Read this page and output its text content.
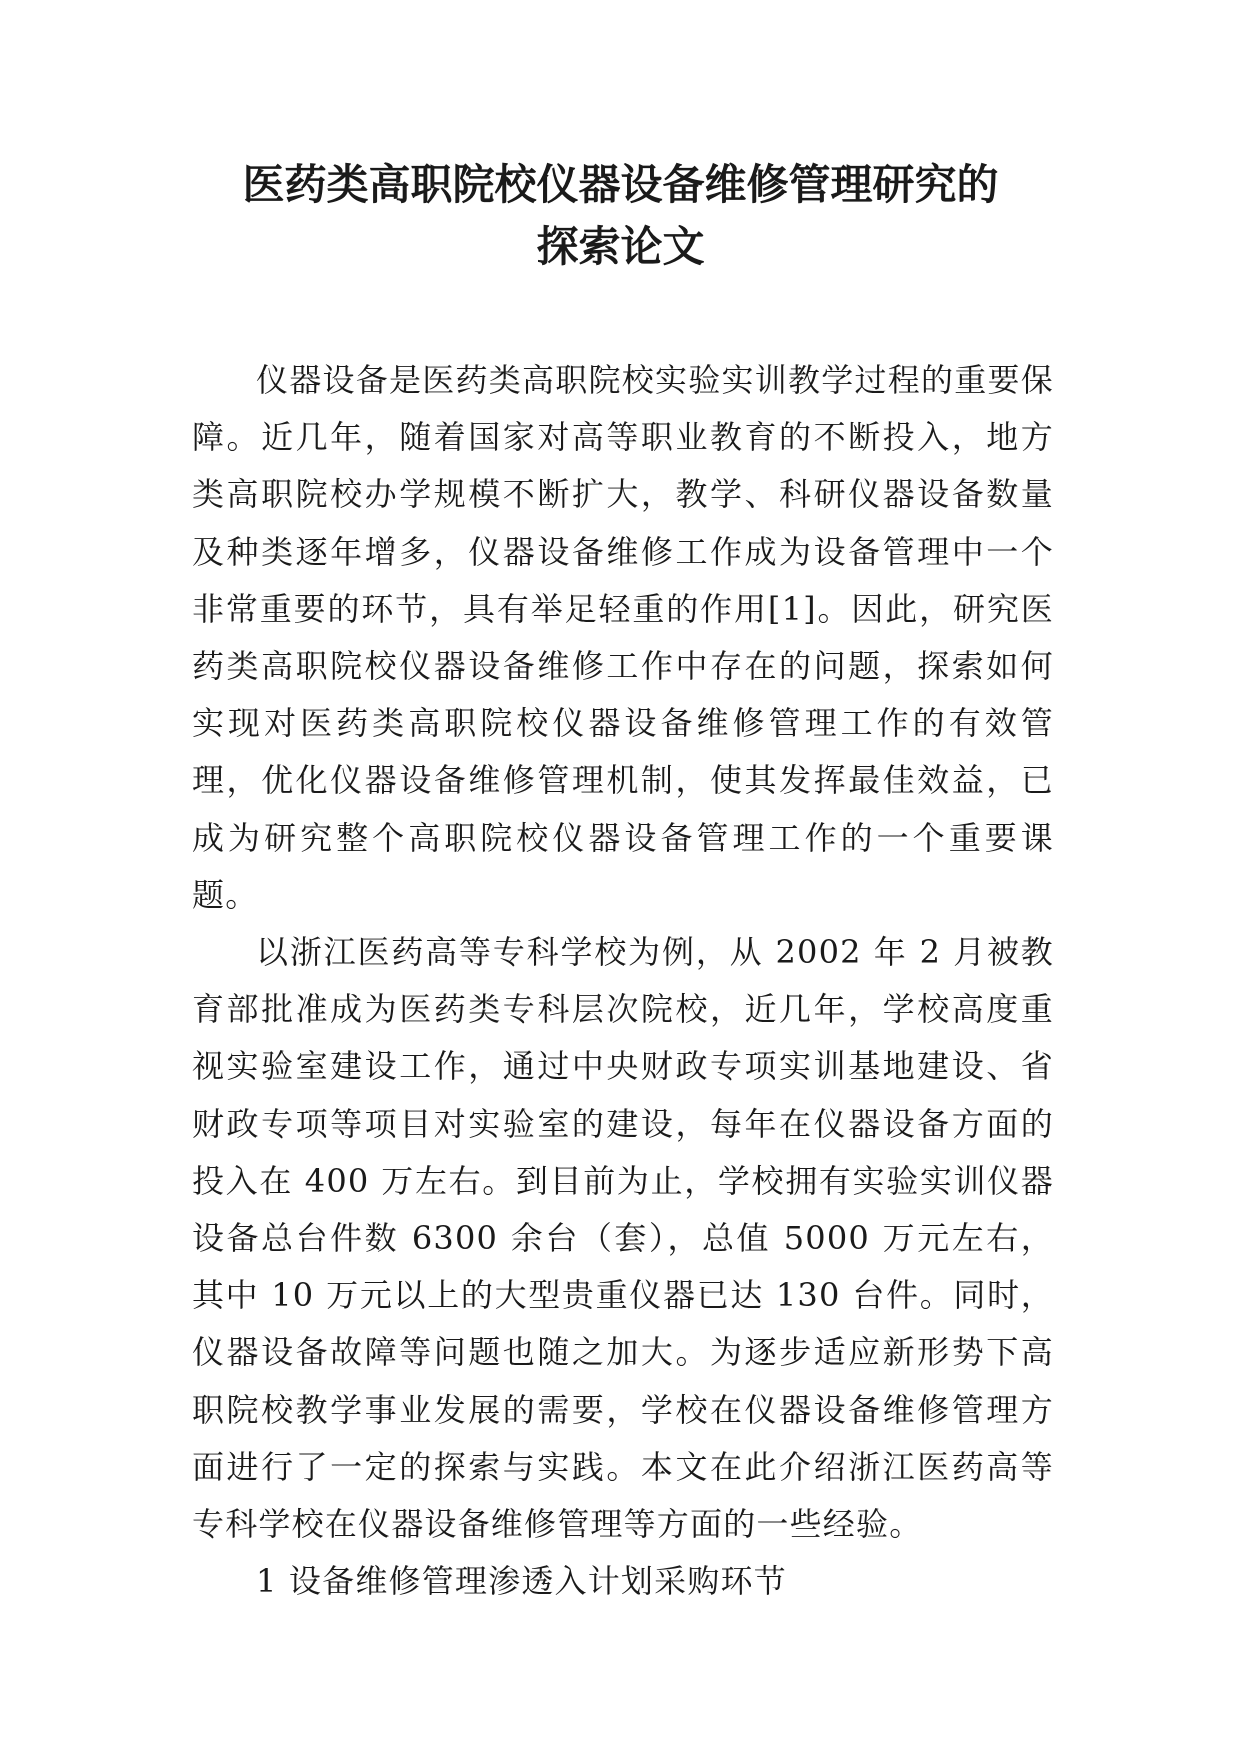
医药类高职院校仪器设备维修管理研究的
探索论文

仪器设备是医药类高职院校实验实训教学过程的重要保障。近几年，随着国家对高等职业教育的不断投入，地方类高职院校办学规模不断扩大，教学、科研仪器设备数量及种类逐年增多，仪器设备维修工作成为设备管理中一个非常重要的环节，具有举足轻重的作用[1]。因此，研究医药类高职院校仪器设备维修工作中存在的问题，探索如何实现对医药类高职院校仪器设备维修管理工作的有效管理，优化仪器设备维修管理机制，使其发挥最佳效益，已成为研究整个高职院校仪器设备管理工作的一个重要课题。

以浙江医药高等专科学校为例，从 2002 年 2 月被教育部批准成为医药类专科层次院校，近几年，学校高度重视实验室建设工作，通过中央财政专项实训基地建设、省财政专项等项目对实验室的建设，每年在仪器设备方面的投入在 400 万左右。到目前为止，学校拥有实验实训仪器设备总台件数 6300 余台（套），总值 5000 万元左右，其中 10 万元以上的大型贵重仪器已达 130 台件。同时，仪器设备故障等问题也随之加大。为逐步适应新形势下高职院校教学事业发展的需要，学校在仪器设备维修管理方面进行了一定的探索与实践。本文在此介绍浙江医药高等专科学校在仪器设备维修管理等方面的一些经验。

1 设备维修管理渗透入计划采购环节
